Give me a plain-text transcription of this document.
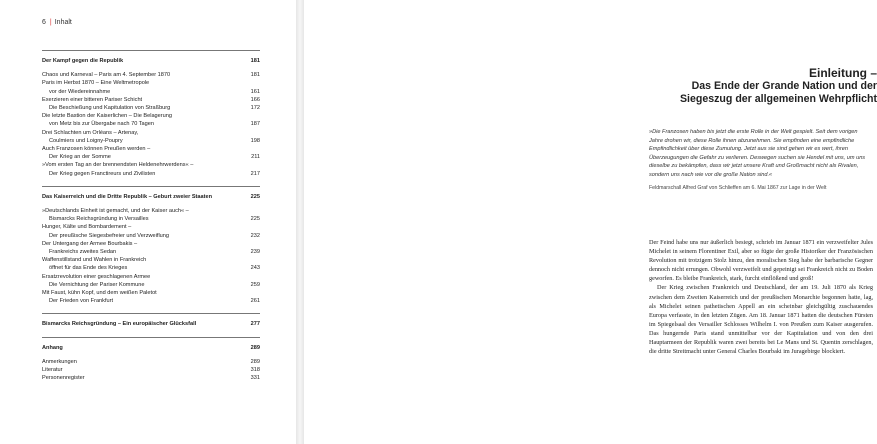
6 | Inhalt
Der Kampf gegen die Republik	181
Chaos und Karneval – Paris am 4. September 1870	181
Paris im Herbst 1870 – Eine Weltmetropole
vor der Wiedereinnahme	161
Exerzieren einer bitteren Pariser Schicht	166
Die Beschießung und Kapitulation von Straßburg	172
Die letzte Bastion der Kaiserlichen – Die Belagerung
von Metz bis zur Übergabe nach 70 Tagen	187
Drei Schlachten um Orléans – Artenay,
Coulmiers und Loigny-Poupry	198
Auch Franzosen können Preußen werden –
Der Krieg an der Somme	211
»Vom ersten Tag an der brennendsten Heldenehrwerdens« –
Der Krieg gegen Franctireurs und Zivilisten	217
Das Kaiserreich und die Dritte Republik – Geburt zweier Staaten	225
»Deutschlands Einheit ist gemacht, und der Kaiser auch« –
Bismarcks Reichsgründung in Versailles	225
Hunger, Kälte und Bombardement –
Der preußische Siegesbefreier und Verzweiflung	232
Der Untergang der Armee Bourbakis –
Frankreichs zweites Sedan	239
Waffenstillstand und Wahlen in Frankreich
öffnet für das Ende des Krieges	243
Ersatzrevolution einer geschlagenen Armee
Die Vernichtung der Pariser Kommune	259
Mit Faust, kühn Kopf, und dem weißen Paletot
Der Frieden von Frankfurt	261
Bismarcks Reichsgründung – Ein europäischer Glücksfall	277
Anhang	289
Anmerkungen	289
Literatur	318
Personenregister	331
Einleitung –
Das Ende der Grande Nation und der
Siegeszug der allgemeinen Wehrpflicht
»Die Franzosen haben bis jetzt die erste Rolle in der Welt gespielt. Seit dem vorigen Jahre drohen wir, diese Rolle ihnen abzunehmen. Sie empfinden eine empfindliche Empfindlichkeit über diese Zumutung. Jetzt aus sie sind gehen wir es wert, ihren Überzeugungen die Gefahr zu verlieren. Deswegen suchen sie Hendel mit uns, um uns dieselbe zu bekämpfen, dass wir jetzt unsere Kraft und Großmacht nicht als Rivalen, sondern uns nach wie vor die große Nation sind.«
Feldmarschall Alfred Graf von Schlieffen am 6. Mai 1867 zur Lage in der Welt

Der Feind habe uns nur äußerlich besiegt, schrieb im Januar 1871 ein verzweifelter Jules Michelet in seinem Florentiner Exil, aber so fügte der große Historiker der Französischen Revolution mit trotzigem Stolz hinzu, den moralischen Sieg habe der barbarische Gegner dennoch nicht errungen. Obwohl verzweifelt und gepeinigt sei Frankreich nicht zu Boden geworfen. Es bleibe Frankreich, stark, furcht einflößend und groß!

Der Krieg zwischen Frankreich und Deutschland, der am 19. Juli 1870 als Krieg zwischen dem Zweiten Kaiserreich und der preußischen Monarchie begonnen hatte, lag, als Michelet seinen pathetischen Appell an ein scheinbar gleichgültig zuschauendes Europa verfasste, in den letzten Zügen. Am 18. Januar 1871 hatten die deutschen Fürsten im Spiegelsaal des Versailler Schlosses Wilhelm I. von Preußen zum Kaiser ausgerufen. Das hungernde Paris stand unmittelbar vor der Kapitulation und von den drei Hauptarmeen der Republik waren zwei bereits bei Le Mans und St. Quentin zerschlagen, die dritte Streitmacht unter General Charles Bourbaki im Juragebirge blockiert.
